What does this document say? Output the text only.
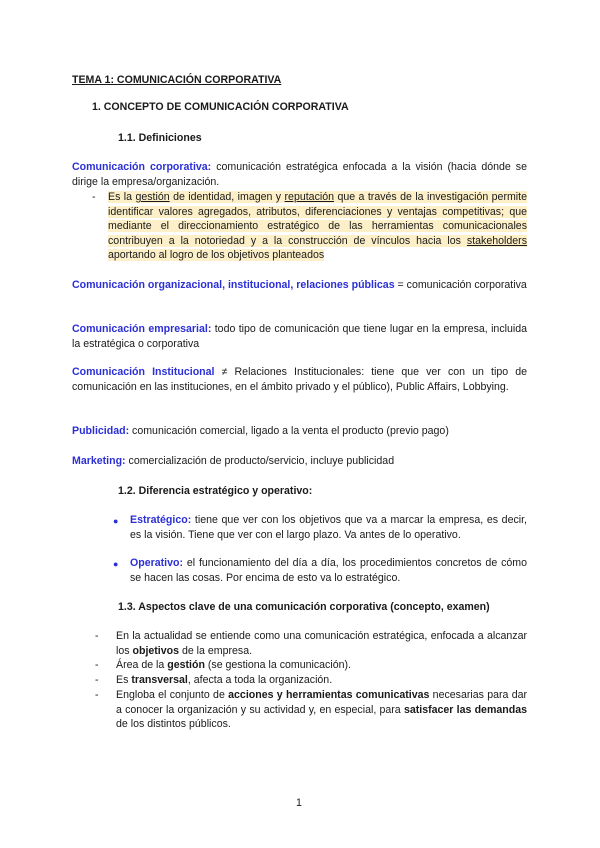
TEMA 1: COMUNICACIÓN CORPORATIVA
1. CONCEPTO DE COMUNICACIÓN CORPORATIVA
1.1. Definiciones
Comunicación corporativa: comunicación estratégica enfocada a la visión (hacia dónde se dirige la empresa/organización.
- Es la gestión de identidad, imagen y reputación que a través de la investigación permite identificar valores agregados, atributos, diferenciaciones y ventajas competitivas; que mediante el direccionamiento estratégico de las herramientas comunicacionales contribuyen a la notoriedad y a la construcción de vínculos hacia los stakeholders aportando al logro de los objetivos planteados
Comunicación organizacional, institucional, relaciones públicas = comunicación corporativa
Comunicación empresarial: todo tipo de comunicación que tiene lugar en la empresa, incluida la estratégica o corporativa
Comunicación Institucional ≠ Relaciones Institucionales: tiene que ver con un tipo de comunicación en las instituciones, en el ámbito privado y el público), Public Affairs, Lobbying.
Publicidad: comunicación comercial, ligado a la venta el producto (previo pago)
Marketing: comercialización de producto/servicio, incluye publicidad
1.2. Diferencia estratégico y operativo:
● Estratégico: tiene que ver con los objetivos que va a marcar la empresa, es decir, es la visión. Tiene que ver con el largo plazo. Va antes de lo operativo.
● Operativo: el funcionamiento del día a día, los procedimientos concretos de cómo se hacen las cosas. Por encima de esto va lo estratégico.
1.3. Aspectos clave de una comunicación corporativa (concepto, examen)
- En la actualidad se entiende como una comunicación estratégica, enfocada a alcanzar los objetivos de la empresa.
- Área de la gestión (se gestiona la comunicación).
- Es transversal, afecta a toda la organización.
- Engloba el conjunto de acciones y herramientas comunicativas necesarias para dar a conocer la organización y su actividad y, en especial, para satisfacer las demandas de los distintos públicos.
1
